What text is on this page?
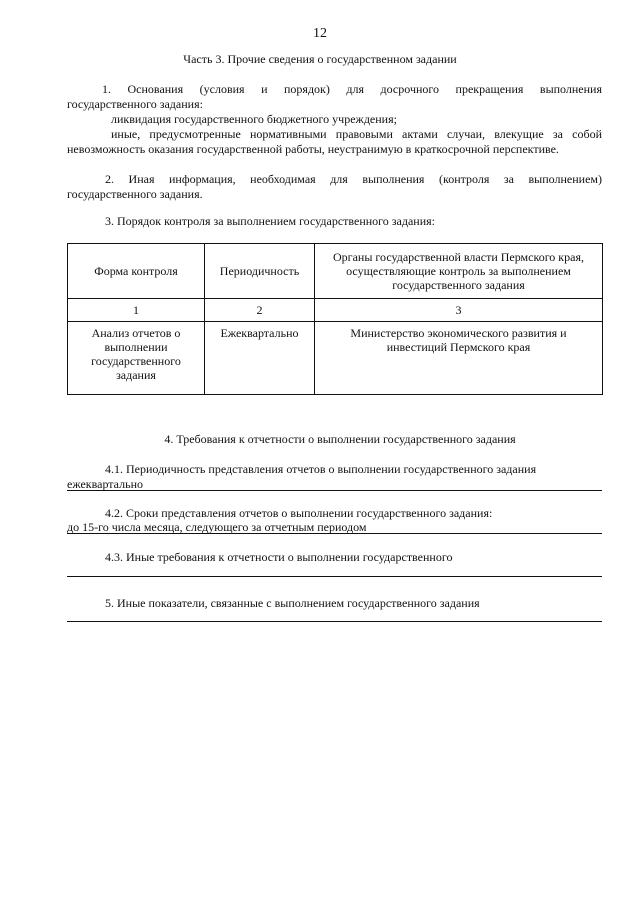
12
Часть 3. Прочие сведения о государственном задании
1. Основания (условия и порядок) для досрочного прекращения выполнения
государственного задания:
ликвидация государственного бюджетного учреждения;
иные, предусмотренные нормативными правовыми актами случаи, влекущие за собой
невозможность оказания государственной работы, неустранимую в краткосрочной перспективе.
2. Иная информация, необходимая для выполнения (контроля за выполнением)
государственного задания.
3. Порядок контроля за выполнением государственного задания:
Форма контроля	Периодичность	Органы государственной власти Пермского края, осуществляющие контроль за выполнением государственного задания
1	2	3
Анализ отчетов о выполнении государственного задания	Ежеквартально	Министерство экономического развития и инвестиций Пермского края
4. Требования к отчетности о выполнении государственного задания
4.1. Периодичность представления отчетов о выполнении государственного задания
ежеквартально
4.2. Сроки представления отчетов о выполнении государственного задания:
до 15-го числа месяца, следующего за отчетным периодом
4.3. Иные требования к отчетности о выполнении государственного
5. Иные показатели, связанные с выполнением государственного задания
